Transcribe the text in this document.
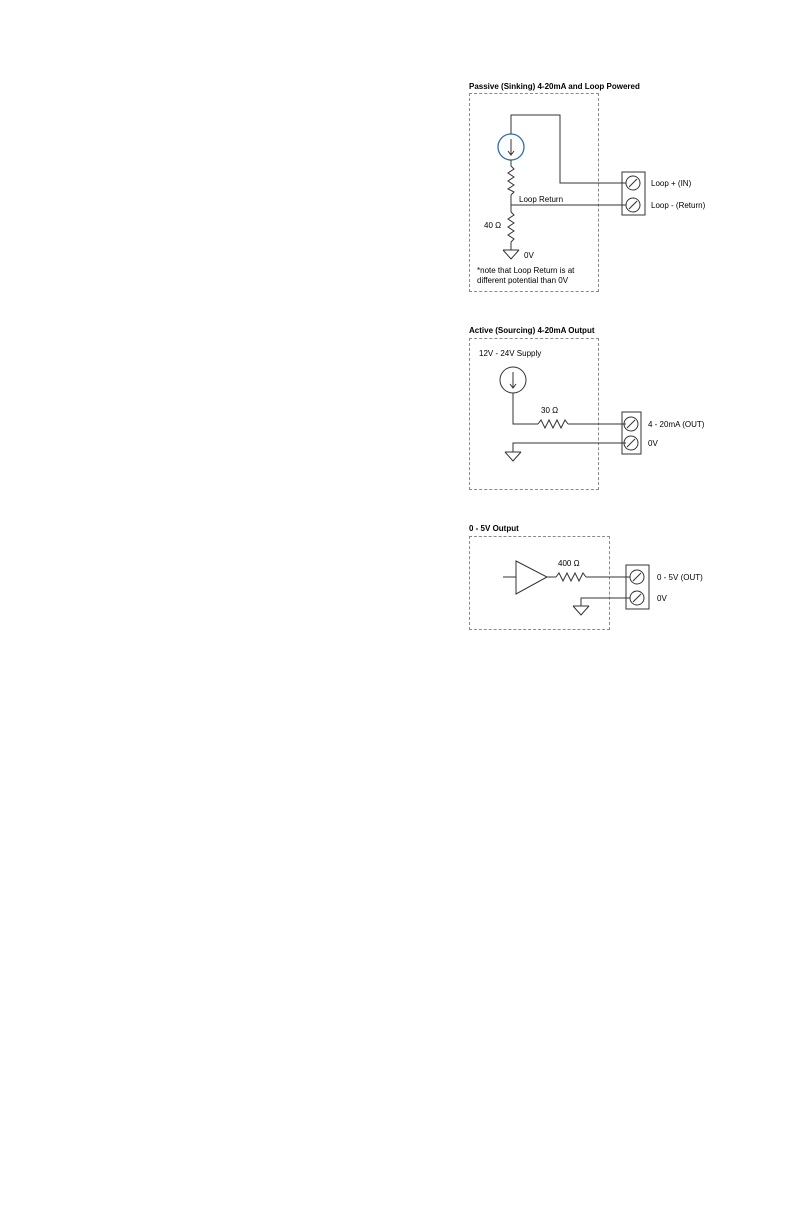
Passive (Sinking) 4-20mA and Loop Powered
Loop + (IN)
Loop - (Return)
Loop Return
40 Ω
0V
*note that Loop Return is at
different potential than 0V
Active (Sourcing) 4-20mA Output
12V - 24V Supply
30 Ω
4 - 20mA (OUT)
0V
0 - 5V Output
400 Ω
0 - 5V (OUT)
0V
